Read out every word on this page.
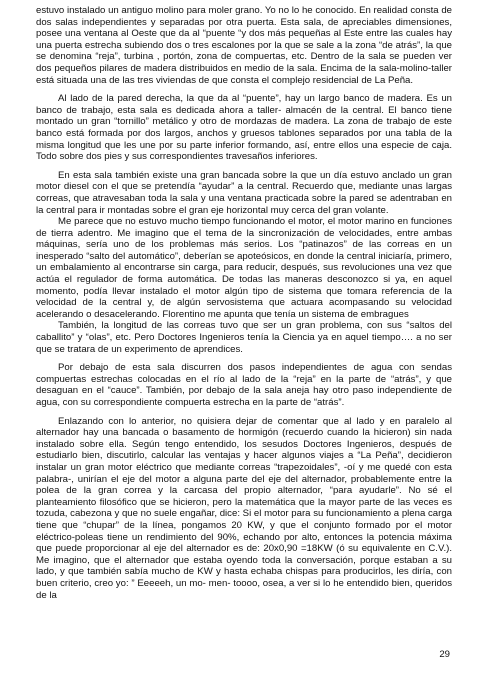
estuvo instalado un antiguo molino para moler grano. Yo no lo he conocido. En realidad consta de dos salas independientes y separadas por otra puerta. Esta sala, de apreciables dimensiones, posee una ventana al Oeste que da al “puente “y dos más pequeñas al Este entre las cuales hay una puerta estrecha subiendo dos o tres escalones por la que se sale a la zona “de atrás”, la que se denomina “reja”, turbina , portón, zona de compuertas, etc. Dentro de la sala se pueden ver dos pequeños pilares de madera distribuidos en medio de la sala. Encima de la sala-molino-taller está situada una de las tres viviendas de que consta el complejo residencial de La Peña.

Al lado de la pared derecha, la que da al “puente”, hay un largo banco de madera. Es un banco de trabajo, esta sala es dedicada ahora a taller- almacén de la central. El banco tiene montado un gran “tornillo” metálico y otro de mordazas de madera. La zona de trabajo de este banco está formada por dos largos, anchos y gruesos tablones separados por una tabla de la misma longitud que les une por su parte inferior formando, así, entre ellos una especie de caja. Todo sobre dos pies y sus correspondientes travesaños inferiores.

En esta sala también existe una gran bancada sobre la que un día estuvo anclado un gran motor diesel con el que se pretendía “ayudar” a la central. Recuerdo que, mediante unas largas correas, que atravesaban toda la sala y una ventana practicada sobre la pared se adentraban en la central para ir montadas sobre el gran eje horizontal muy cerca del gran volante.

Me parece que no estuvo mucho tiempo funcionando el motor, el motor marino en funciones de tierra adentro. Me imagino que el tema de la sincronización de velocidades, entre ambas máquinas, sería uno de los problemas más serios. Los “patinazos” de las correas en un inesperado “salto del automático”, deberían se apoteósicos, en donde la central iniciaría, primero, un embalamiento al encontrarse sin carga, para reducir, después, sus revoluciones una vez que actúa el regulador de forma automática. De todas las maneras desconozco si ya, en aquel momento, podía llevar instalado el motor algún tipo de sistema que tomara referencia de la velocidad de la central y, de algún servosistema que actuara acompasando su velocidad acelerando o desacelerando. Florentino me apunta que tenía un sistema de embragues

También, la longitud de las correas tuvo que ser un gran problema, con sus “saltos del caballito” y “olas”, etc. Pero Doctores Ingenieros tenía la Ciencia ya en aquel tiempo…. a no ser que se tratara de un experimento de aprendices.

Por debajo de esta sala discurren dos pasos independientes de agua con sendas compuertas estrechas colocadas en el río al lado de la “reja” en la parte de “atrás”, y que desaguan en el “cauce”. También, por debajo de la sala aneja hay otro paso independiente de agua, con su correspondiente compuerta estrecha en la parte de “atrás”.

Enlazando con lo anterior, no quisiera dejar de comentar que al lado y en paralelo al alternador hay una bancada o basamento de hormigón (recuerdo cuando la hicieron) sin nada instalado sobre ella. Según tengo entendido, los sesudos Doctores Ingenieros, después de estudiarlo bien, discutirlo, calcular las ventajas y hacer algunos viajes a “La Peña”, decidieron instalar un gran motor eléctrico que mediante correas “trapezoidales”, -oí y me quedé con esta palabra-, unirían el eje del motor a alguna parte del eje del alternador, probablemente entre la polea de la gran correa y la carcasa del propio alternador, “para ayudarle”. No sé el planteamiento filosófico que se hicieron, pero la matemática que la mayor parte de las veces es tozuda, cabezona y que no suele engañar, dice: Si el motor para su funcionamiento a plena carga tiene que “chupar” de la línea, pongamos 20 KW, y que el conjunto formado por el motor eléctrico-poleas tiene un rendimiento del 90%, echando por alto, entonces la potencia máxima que puede proporcionar al eje del alternador es de: 20x0,90 =18KW (ó su equivalente en C.V.). Me imagino, que el alternador que estaba oyendo toda la conversación, porque estaban a su lado, y que también sabía mucho de KW y hasta echaba chispas para producirlos, les diría, con buen criterio, creo yo: ” Eeeeeh, un mo- men- toooo, osea, a ver si lo he entendido bien, queridos de la

29
